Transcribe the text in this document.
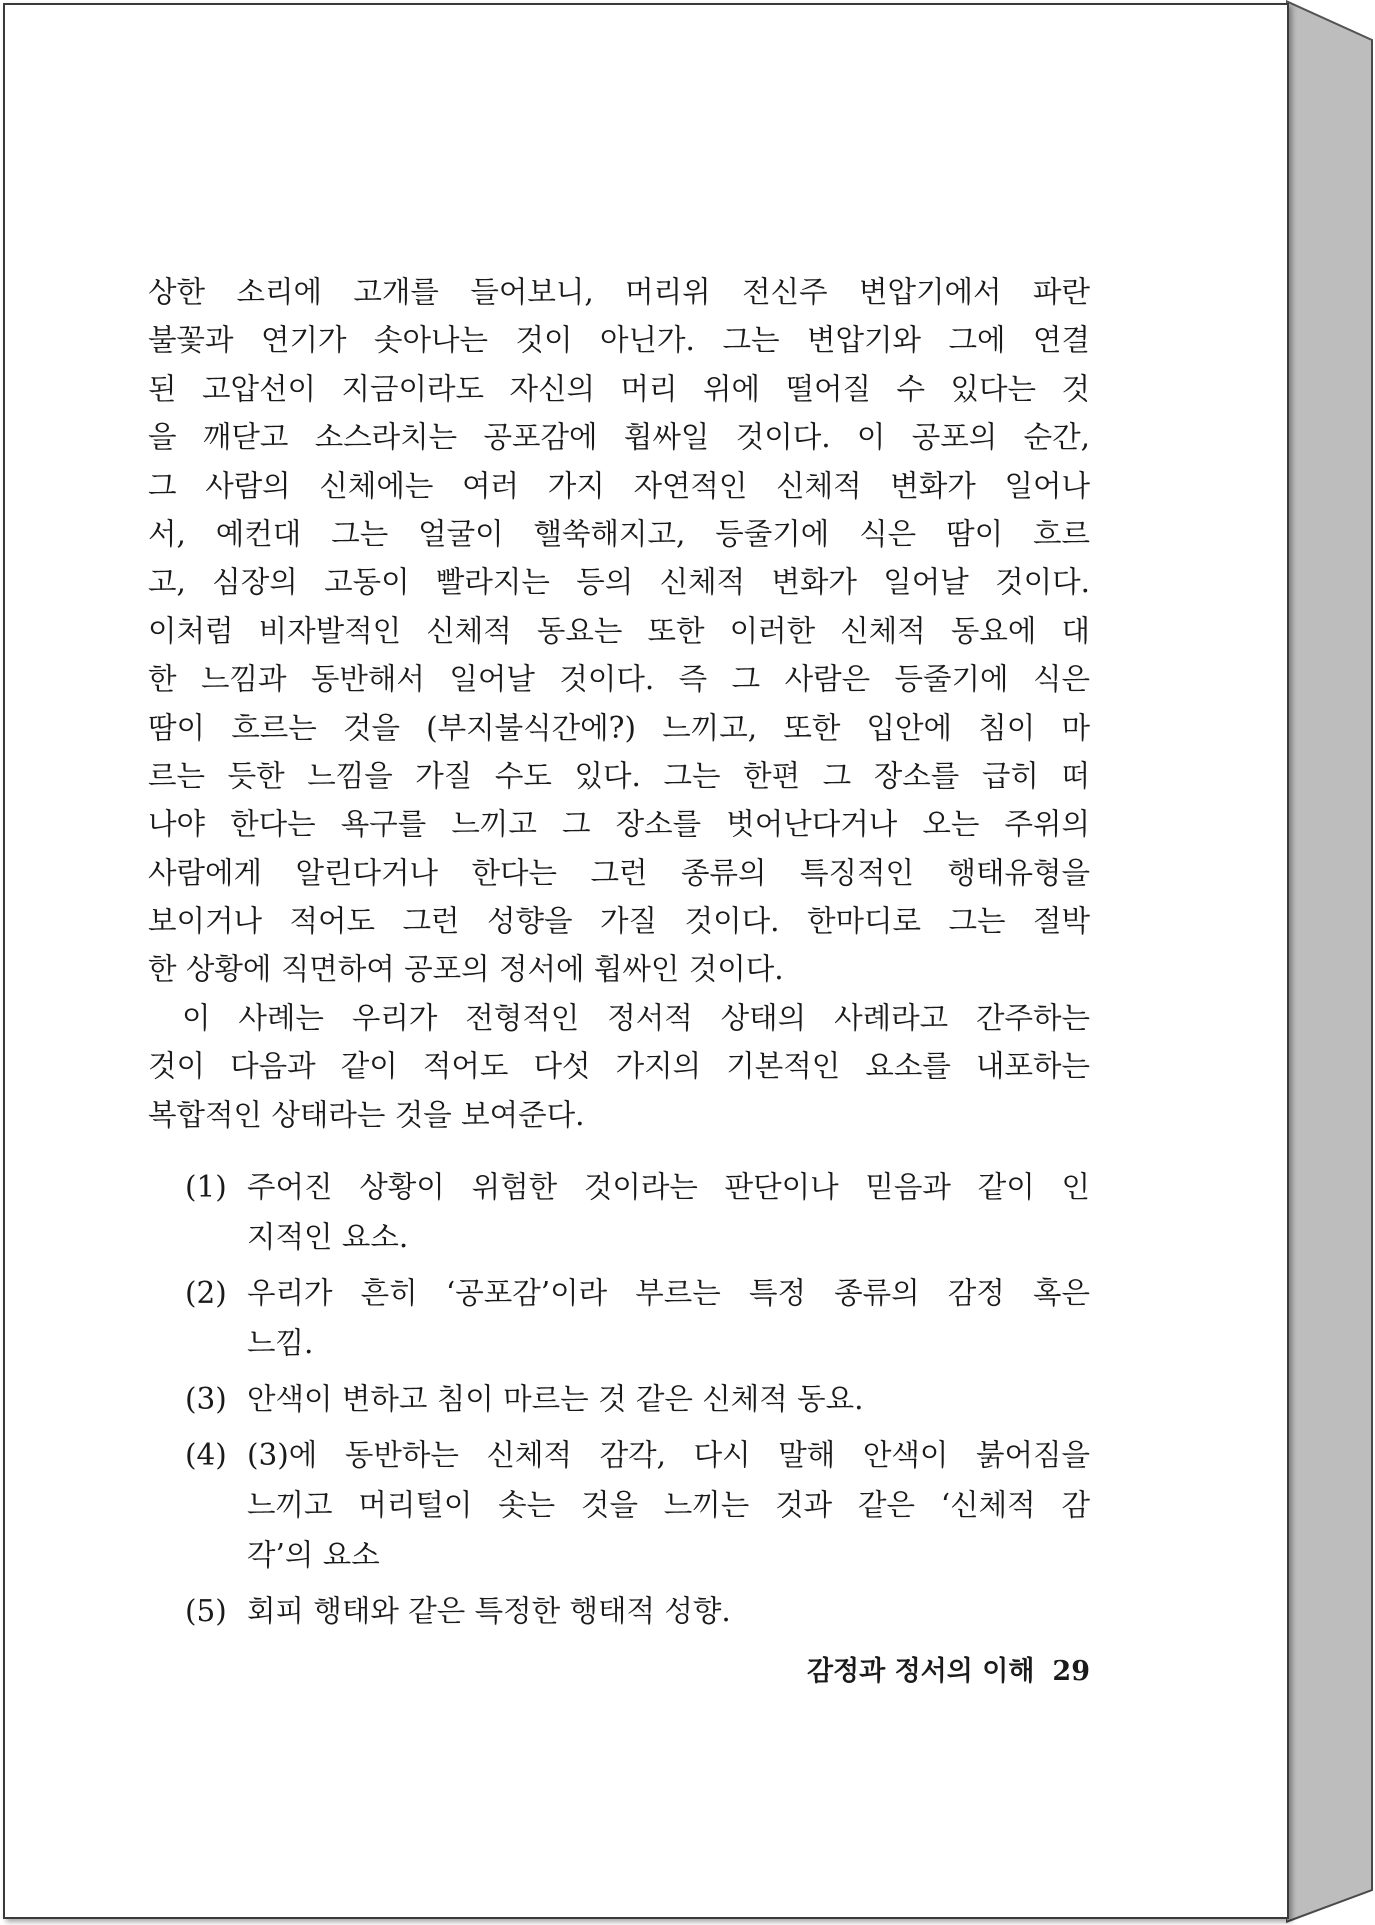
상한 소리에 고개를 들어보니, 머리위 전신주 변압기에서 파란
불꽃과 연기가 솟아나는 것이 아닌가. 그는 변압기와 그에 연결
된 고압선이 지금이라도 자신의 머리 위에 떨어질 수 있다는 것
을 깨닫고 소스라치는 공포감에 휩싸일 것이다. 이 공포의 순간,
그 사람의 신체에는 여러 가지 자연적인 신체적 변화가 일어나
서, 예컨대 그는 얼굴이 핼쑥해지고, 등줄기에 식은 땀이 흐르
고, 심장의 고동이 빨라지는 등의 신체적 변화가 일어날 것이다.
이처럼 비자발적인 신체적 동요는 또한 이러한 신체적 동요에 대
한 느낌과 동반해서 일어날 것이다. 즉 그 사람은 등줄기에 식은
땀이 흐르는 것을 (부지불식간에?) 느끼고, 또한 입안에 침이 마
르는 듯한 느낌을 가질 수도 있다. 그는 한편 그 장소를 급히 떠
나야 한다는 욕구를 느끼고 그 장소를 벗어난다거나 오는 주위의
사람에게 알린다거나 한다는 그런 종류의 특징적인 행태유형을
보이거나 적어도 그런 성향을 가질 것이다. 한마디로 그는 절박
한 상황에 직면하여 공포의 정서에 휩싸인 것이다.
이 사례는 우리가 전형적인 정서적 상태의 사례라고 간주하는
것이 다음과 같이 적어도 다섯 가지의 기본적인 요소를 내포하는
복합적인 상태라는 것을 보여준다.
(1) 주어진 상황이 위험한 것이라는 판단이나 믿음과 같이 인
지적인 요소.
(2) 우리가 흔히 ‘공포감’이라 부르는 특정 종류의 감정 혹은
느낌.
(3) 안색이 변하고 침이 마르는 것 같은 신체적 동요.
(4) (3)에 동반하는 신체적 감각, 다시 말해 안색이 붉어짐을
느끼고 머리털이 솟는 것을 느끼는 것과 같은 ‘신체적 감
각’의 요소
(5) 회피 행태와 같은 특정한 행태적 성향.
감정과 정서의 이해 29
